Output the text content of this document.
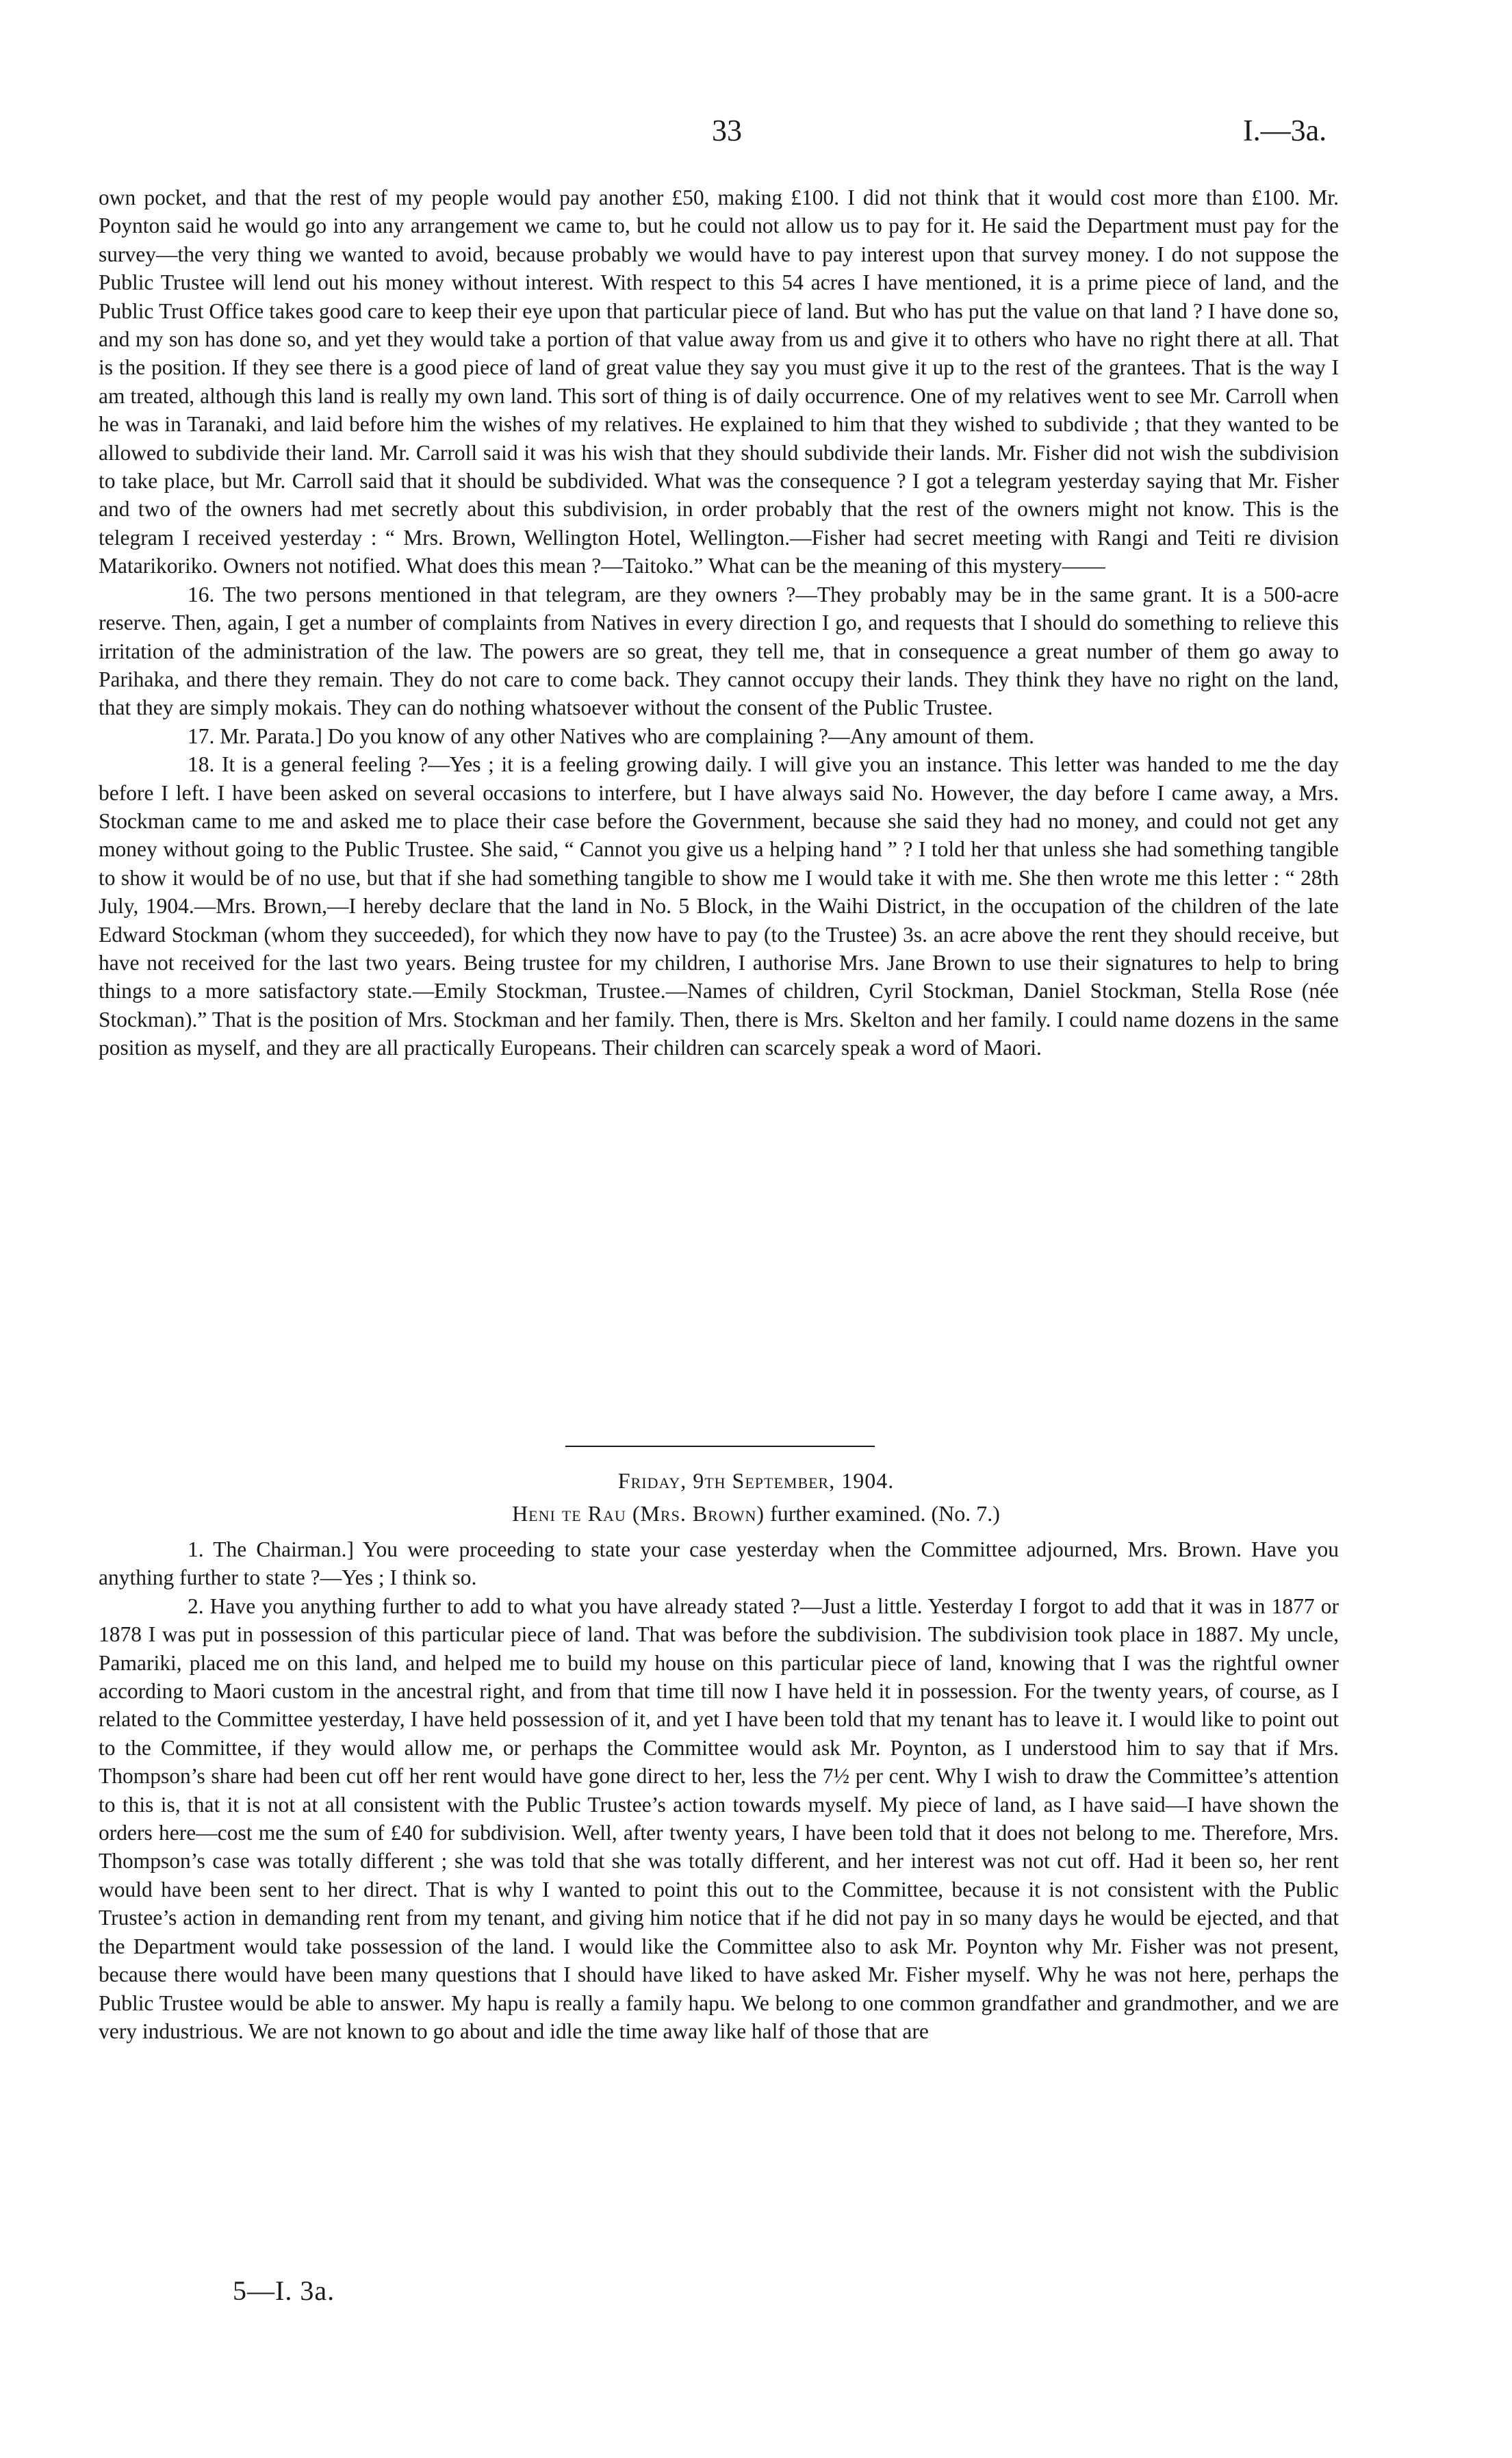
33	I.—3a.

own pocket, and that the rest of my people would pay another £50, making £100. I did not think that it would cost more than £100. Mr. Poynton said he would go into any arrangement we came to, but he could not allow us to pay for it. He said the Department must pay for the survey—the very thing we wanted to avoid, because probably we would have to pay interest upon that survey money. I do not suppose the Public Trustee will lend out his money without interest. With respect to this 54 acres I have mentioned, it is a prime piece of land, and the Public Trust Office takes good care to keep their eye upon that particular piece of land. But who has put the value on that land ? I have done so, and my son has done so, and yet they would take a portion of that value away from us and give it to others who have no right there at all. That is the position. If they see there is a good piece of land of great value they say you must give it up to the rest of the grantees. That is the way I am treated, although this land is really my own land. This sort of thing is of daily occurrence. One of my relatives went to see Mr. Carroll when he was in Taranaki, and laid before him the wishes of my relatives. He explained to him that they wished to subdivide ; that they wanted to be allowed to subdivide their land. Mr. Carroll said it was his wish that they should subdivide their lands. Mr. Fisher did not wish the subdivision to take place, but Mr. Carroll said that it should be subdivided. What was the consequence ? I got a telegram yesterday saying that Mr. Fisher and two of the owners had met secretly about this subdivision, in order probably that the rest of the owners might not know. This is the telegram I received yesterday : “ Mrs. Brown, Wellington Hotel, Wellington.—Fisher had secret meeting with Rangi and Teiti re division Matarikoriko. Owners not notified. What does this mean ?—Taitoko.” What can be the meaning of this mystery——

16. The two persons mentioned in that telegram, are they owners ?—They probably may be in the same grant. It is a 500-acre reserve. Then, again, I get a number of complaints from Natives in every direction I go, and requests that I should do something to relieve this irritation of the administration of the law. The powers are so great, they tell me, that in consequence a great number of them go away to Parihaka, and there they remain. They do not care to come back. They cannot occupy their lands. They think they have no right on the land, that they are simply mokais. They can do nothing whatsoever without the consent of the Public Trustee.

17. Mr. Parata.] Do you know of any other Natives who are complaining ?—Any amount of them.

18. It is a general feeling ?—Yes ; it is a feeling growing daily. I will give you an instance. This letter was handed to me the day before I left. I have been asked on several occasions to interfere, but I have always said No. However, the day before I came away, a Mrs. Stockman came to me and asked me to place their case before the Government, because she said they had no money, and could not get any money without going to the Public Trustee. She said, “ Cannot you give us a helping hand ” ? I told her that unless she had something tangible to show it would be of no use, but that if she had something tangible to show me I would take it with me. She then wrote me this letter : “ 28th July, 1904.—Mrs. Brown,—I hereby declare that the land in No. 5 Block, in the Waihi District, in the occupation of the children of the late Edward Stockman (whom they succeeded), for which they now have to pay (to the Trustee) 3s. an acre above the rent they should receive, but have not received for the last two years. Being trustee for my children, I authorise Mrs. Jane Brown to use their signatures to help to bring things to a more satisfactory state.—Emily Stockman, Trustee.—Names of children, Cyril Stockman, Daniel Stockman, Stella Rose (née Stockman).” That is the position of Mrs. Stockman and her family. Then, there is Mrs. Skelton and her family. I could name dozens in the same position as myself, and they are all practically Europeans. Their children can scarcely speak a word of Maori.

Friday, 9th September, 1904.
Heni te Rau (Mrs. Brown) further examined. (No. 7.)

1. The Chairman.] You were proceeding to state your case yesterday when the Committee adjourned, Mrs. Brown. Have you anything further to state ?—Yes ; I think so.

2. Have you anything further to add to what you have already stated ?—Just a little. Yesterday I forgot to add that it was in 1877 or 1878 I was put in possession of this particular piece of land. That was before the subdivision. The subdivision took place in 1887. My uncle, Pamariki, placed me on this land, and helped me to build my house on this particular piece of land, knowing that I was the rightful owner according to Maori custom in the ancestral right, and from that time till now I have held it in possession. For the twenty years, of course, as I related to the Committee yesterday, I have held possession of it, and yet I have been told that my tenant has to leave it. I would like to point out to the Committee, if they would allow me, or perhaps the Committee would ask Mr. Poynton, as I understood him to say that if Mrs. Thompson’s share had been cut off her rent would have gone direct to her, less the 7½ per cent. Why I wish to draw the Committee’s attention to this is, that it is not at all consistent with the Public Trustee’s action towards myself. My piece of land, as I have said—I have shown the orders here—cost me the sum of £40 for subdivision. Well, after twenty years, I have been told that it does not belong to me. Therefore, Mrs. Thompson’s case was totally different ; she was told that she was totally different, and her interest was not cut off. Had it been so, her rent would have been sent to her direct. That is why I wanted to point this out to the Committee, because it is not consistent with the Public Trustee’s action in demanding rent from my tenant, and giving him notice that if he did not pay in so many days he would be ejected, and that the Department would take possession of the land. I would like the Committee also to ask Mr. Poynton why Mr. Fisher was not present, because there would have been many questions that I should have liked to have asked Mr. Fisher myself. Why he was not here, perhaps the Public Trustee would be able to answer. My hapu is really a family hapu. We belong to one common grandfather and grandmother, and we are very industrious. We are not known to go about and idle the time away like half of those that are

5—I. 3a.
